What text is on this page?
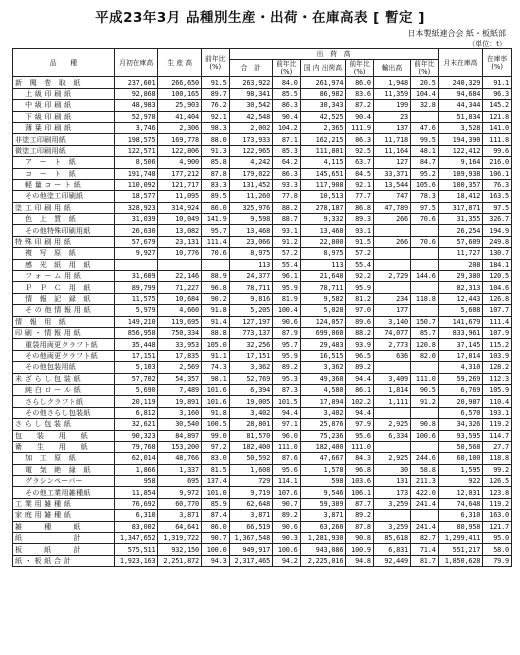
平成23年3月 品種別生産・出荷・在庫高表 [ 暫定 ]
日本製紙連合会 紙・板紙部
（単位：t）
品　　種	月初在庫高	生 産 高	前年比 (%)	出　荷　高						月末在庫高	在庫率 (%)
				合　計	前年比 (%)	国 内 出荷高	前年比 (%)	輸出高	前年比 (%)		
新　聞　巻　取　紙	237,601	266,650	91.5	263,922	84.0	261,974	86.0	1,948	20.5	240,329	91.1
上 級 印 刷 紙	92,868	100,165	89.7	98,341	85.5	86,982	83.6	11,359	104.4	94,684	96.3
中 級 印 刷 紙	48,983	25,903	76.2	30,542	86.3	30,343	87.2	199	32.8	44,344	145.2
下 級 印 刷 紙	52,978	41,404	92.1	42,548	90.4	42,525	90.4	23		51,834	121.8
薄 葉 印 刷 紙	3,746	2,306	98.3	2,002	104.2	2,365	111.9	137	47.6	3,528	141.0
非塗工印刷用紙	198,575	169,778	88.0	173,933	87.1	162,215	86.3	11,718	99.5	194,390	111.8
微塗工印刷用紙	122,571	122,806	91.3	122,965	85.3	111,801	92.5	11,164	48.1	122,412	99.6
ア　ー　ト　紙	8,506	4,900	85.8	4,242	64.2	4,115	63.7	127	84.7	9,164	216.0
コ　ー　ト　紙	191,748	177,212	87.8	179,022	86.3	145,651	84.5	33,371	95.2	189,938	106.1
軽 量 コ ー ト 紙	110,092	121,717	83.3	131,452	93.3	117,908	92.1	13,544	105.6	100,357	76.3
その他塗工印刷紙	18,577	11,095	89.5	11,260	77.8	10,513	77.7	747	78.3	18,412	163.5
塗 工 印 刷 用 紙	328,923	314,924	86.0	325,976	88.2	278,187	86.8	47,789	97.5	317,871	97.5
色　上　質　紙	31,039	10,049	141.9	9,598	88.7	9,332	89.3	266	70.6	31,355	326.7
その他特殊印刷用紙	26,630	13,082	95.7	13,468	93.1	13,468	93.1			26,254	194.9
特 殊 印 刷 用 紙	57,679	23,131	111.4	23,066	91.2	22,800	91.5	266	70.6	57,609	249.8
複　写　原　紙	9,927	10,776	70.6	8,975	57.2	8,975	57.2			11,727	130.7
感　光　紙　用　紙				113	55.4	113	55.4			208	184.1
フ ォ ー ム 用 紙	31,609	22,146	88.9	24,377	96.1	21,648	92.2	2,729	144.6	29,380	120.5
Ｐ　Ｐ　Ｃ　用　紙	89,799	71,227	96.8	78,711	95.9	78,711	95.9			82,313	104.6
情　報　記　録　紙	11,575	10,684	90.2	9,816	81.9	9,582	81.2	234	118.8	12,443	126.8
そ の 他 情 報 用 紙	5,979	4,660	91.8	5,205	100.4	5,028	97.0	177		5,608	107.7
情　報　用　紙	149,210	119,695	91.4	127,197	90.6	124,057	89.6	3,140	150.7	141,679	111.4
印 刷 ・ 情 報 用 紙	856,958	750,334	88.8	773,137	87.9	699,060	88.2	74,077	85.7	833,961	107.9
重袋用両更クラフト紙	35,448	33,953	105.0	32,256	95.7	29,483	93.9	2,773	120.8	37,145	115.2
その他両更クラフト紙	17,151	17,835	91.1	17,151	95.9	16,515	96.5	636	82.0	17,814	103.9
その他包装用紙	5,103	2,569	74.3	3,362	89.2	3,362	89.2			4,310	128.2
未 ざ ら し 包 装 紙	57,702	54,357	98.1	52,769	95.3	49,360	94.4	3,409	111.0	59,269	112.3
純 白 ロ ー ル 紙	5,690	7,489	101.6	6,394	87.3	4,580	86.1	1,814	90.5	6,769	105.9
さらしクラフト紙	20,119	19,891	101.6	19,005	101.5	17,894	102.2	1,111	91.2	20,987	110.4
その他さらし包装紙	6,812	3,160	91.8	3,402	94.4	3,402	94.4			6,570	193.1
さ ら し 包 装 紙	32,621	30,540	100.5	28,801	97.1	25,876	97.9	2,925	90.8	34,326	119.2
包　　装　　用　　紙	90,323	84,897	99.0	81,570	96.0	75,236	95.6	6,334	100.6	93,595	114.7
衛　　生　　用　　紙	79,768	153,200	97.2	182,400	111.0	182,400	111.0			50,568	27.7
加　工　原　紙	62,014	48,766	83.0	50,592	87.6	47,667	84.3	2,925	244.6	60,100	118.8
電　気　絶　縁　紙	1,866	1,337	81.5	1,608	95.6	1,578	96.8	30	58.8	1,595	99.2
グラシンペーパー	958	695	137.4	729	114.1	598	103.6	131	211.3	922	126.5
その他工業用雑種紙	11,854	9,972	101.0	9,719	107.6	9,546	106.1	173	422.0	12,031	123.8
工 業 用 雑 種 紙	76,692	60,770	85.9	62,648	90.7	59,389	87.7	3,259	241.4	74,648	119.2
家 庭 用 雑 種 紙	6,310	3,871	87.4	3,871	89.2	3,871	89.2			6,310	163.0
雑　　　種　　　紙	83,002	64,641	86.0	66,519	90.6	63,260	87.8	3,259	241.4	80,958	121.7
紙　　　　　　　計	1,347,652	1,319,722	90.7	1,367,548	90.3	1,281,930	90.8	85,618	82.7	1,299,411	95.0
板　　　紙　　　計	575,511	932,150	100.0	949,917	100.6	943,086	100.9	6,831	71.4	551,217	58.0
紙 ・ 板 紙 合 計	1,923,163	2,251,872	94.3	2,317,465	94.2	2,225,016	94.8	92,449	81.7	1,850,628	79.9
